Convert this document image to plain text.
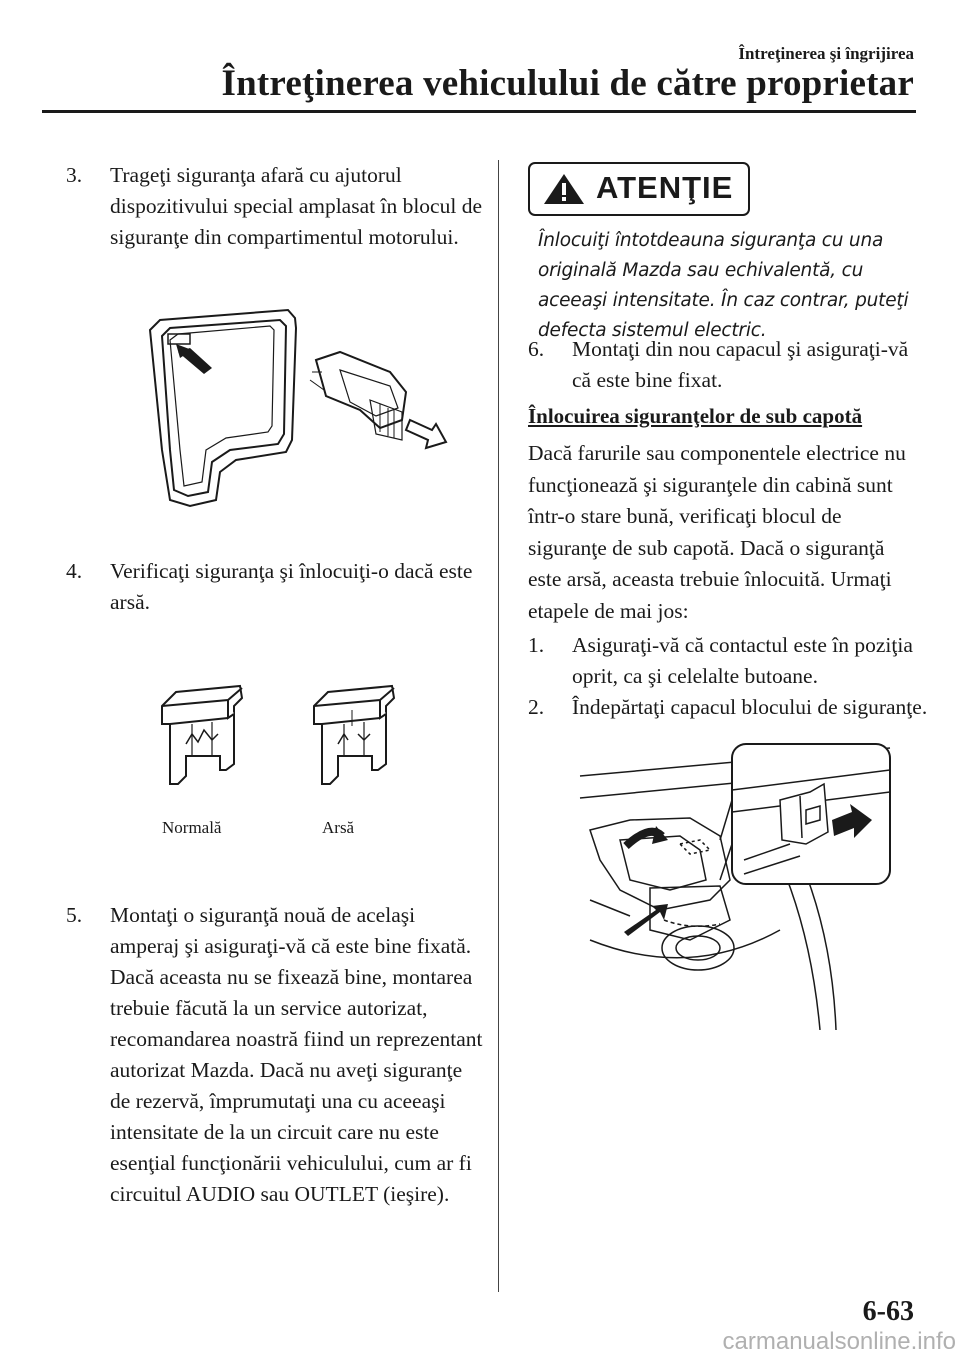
Întreţinerea şi îngrijirea
Întreţinerea vehiculului de către proprietar
3.	Trageţi siguranţa afară cu ajutorul dispozitivului special amplasat în blocul de siguranţe din compartimentul motorului.
4.	Verificaţi siguranţa şi înlocuiţi-o dacă este arsă.
Normală	Arsă
5.	Montaţi o siguranţă nouă de acelaşi amperaj şi asiguraţi-vă că este bine fixată. Dacă aceasta nu se fixează bine, montarea trebuie făcută la un service autorizat, recomandarea noastră fiind un reprezentant autorizat Mazda. Dacă nu aveţi siguranţe de rezervă, împrumutaţi una cu aceeaşi intensitate de la un circuit care nu este esenţial funcţionării vehiculului, cum ar fi circuitul AUDIO sau OUTLET (ieşire).
ATENŢIE
Înlocuiţi întotdeauna siguranţa cu una originală Mazda sau echivalentă, cu aceeaşi intensitate. În caz contrar, puteţi defecta sistemul electric.
6.	Montaţi din nou capacul şi asiguraţi-vă că este bine fixat.
Înlocuirea siguranţelor de sub capotă
Dacă farurile sau componentele electrice nu funcţionează şi siguranţele din cabină sunt într-o stare bună, verificaţi blocul de siguranţe de sub capotă. Dacă o siguranţă este arsă, aceasta trebuie înlocuită. Urmaţi etapele de mai jos:
1.	Asiguraţi-vă că contactul este în poziţia oprit, ca şi celelalte butoane.
2.	Îndepărtaţi capacul blocului de siguranţe.
6-63
carmanualsonline.info
